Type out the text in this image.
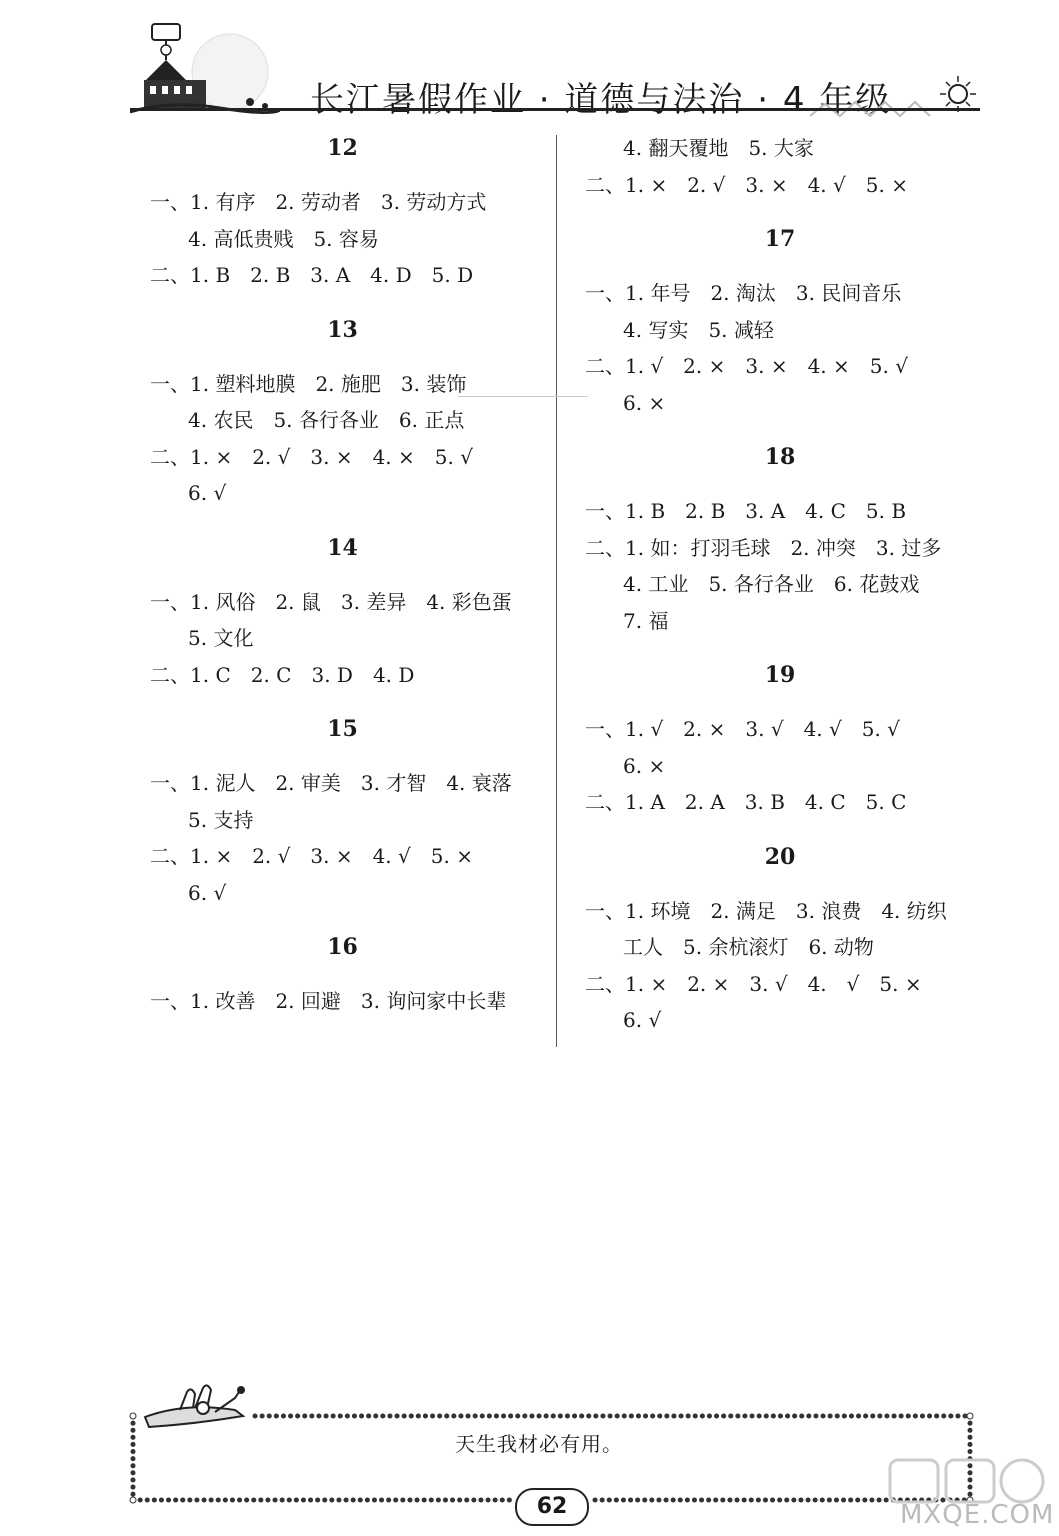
长江暑假作业 · 道德与法治 · 4 年级
12
一、1. 有序　2. 劳动者　3. 劳动方式
4. 高低贵贱　5. 容易
二、1. B　2. B　3. A　4. D　5. D
13
一、1. 塑料地膜　2. 施肥　3. 装饰
4. 农民　5. 各行各业　6. 正点
二、1. ×　2. √　3. ×　4. ×　5. √
6. √
14
一、1. 风俗　2. 鼠　3. 差异　4. 彩色蛋
5. 文化
二、1. C　2. C　3. D　4. D
15
一、1. 泥人　2. 审美　3. 才智　4. 衰落
5. 支持
二、1. ×　2. √　3. ×　4. √　5. ×
6. √
16
一、1. 改善　2. 回避　3. 询问家中长辈
4. 翻天覆地　5. 大家
二、1. ×　2. √　3. ×　4. √　5. ×
17
一、1. 年号　2. 淘汰　3. 民间音乐
4. 写实　5. 减轻
二、1. √　2. ×　3. ×　4. ×　5. √
6. ×
18
一、1. B　2. B　3. A　4. C　5. B
二、1. 如：打羽毛球　2. 冲突　3. 过多
4. 工业　5. 各行各业　6. 花鼓戏
7. 福
19
一、1. √　2. ×　3. √　4. √　5. √
6. ×
二、1. A　2. A　3. B　4. C　5. C
20
一、1. 环境　2. 满足　3. 浪费　4. 纺织
工人　5. 余杭滚灯　6. 动物
二、1. ×　2. ×　3. √　4.　√　5. ×
6. √
天生我材必有用。
62	MXQE.COM
